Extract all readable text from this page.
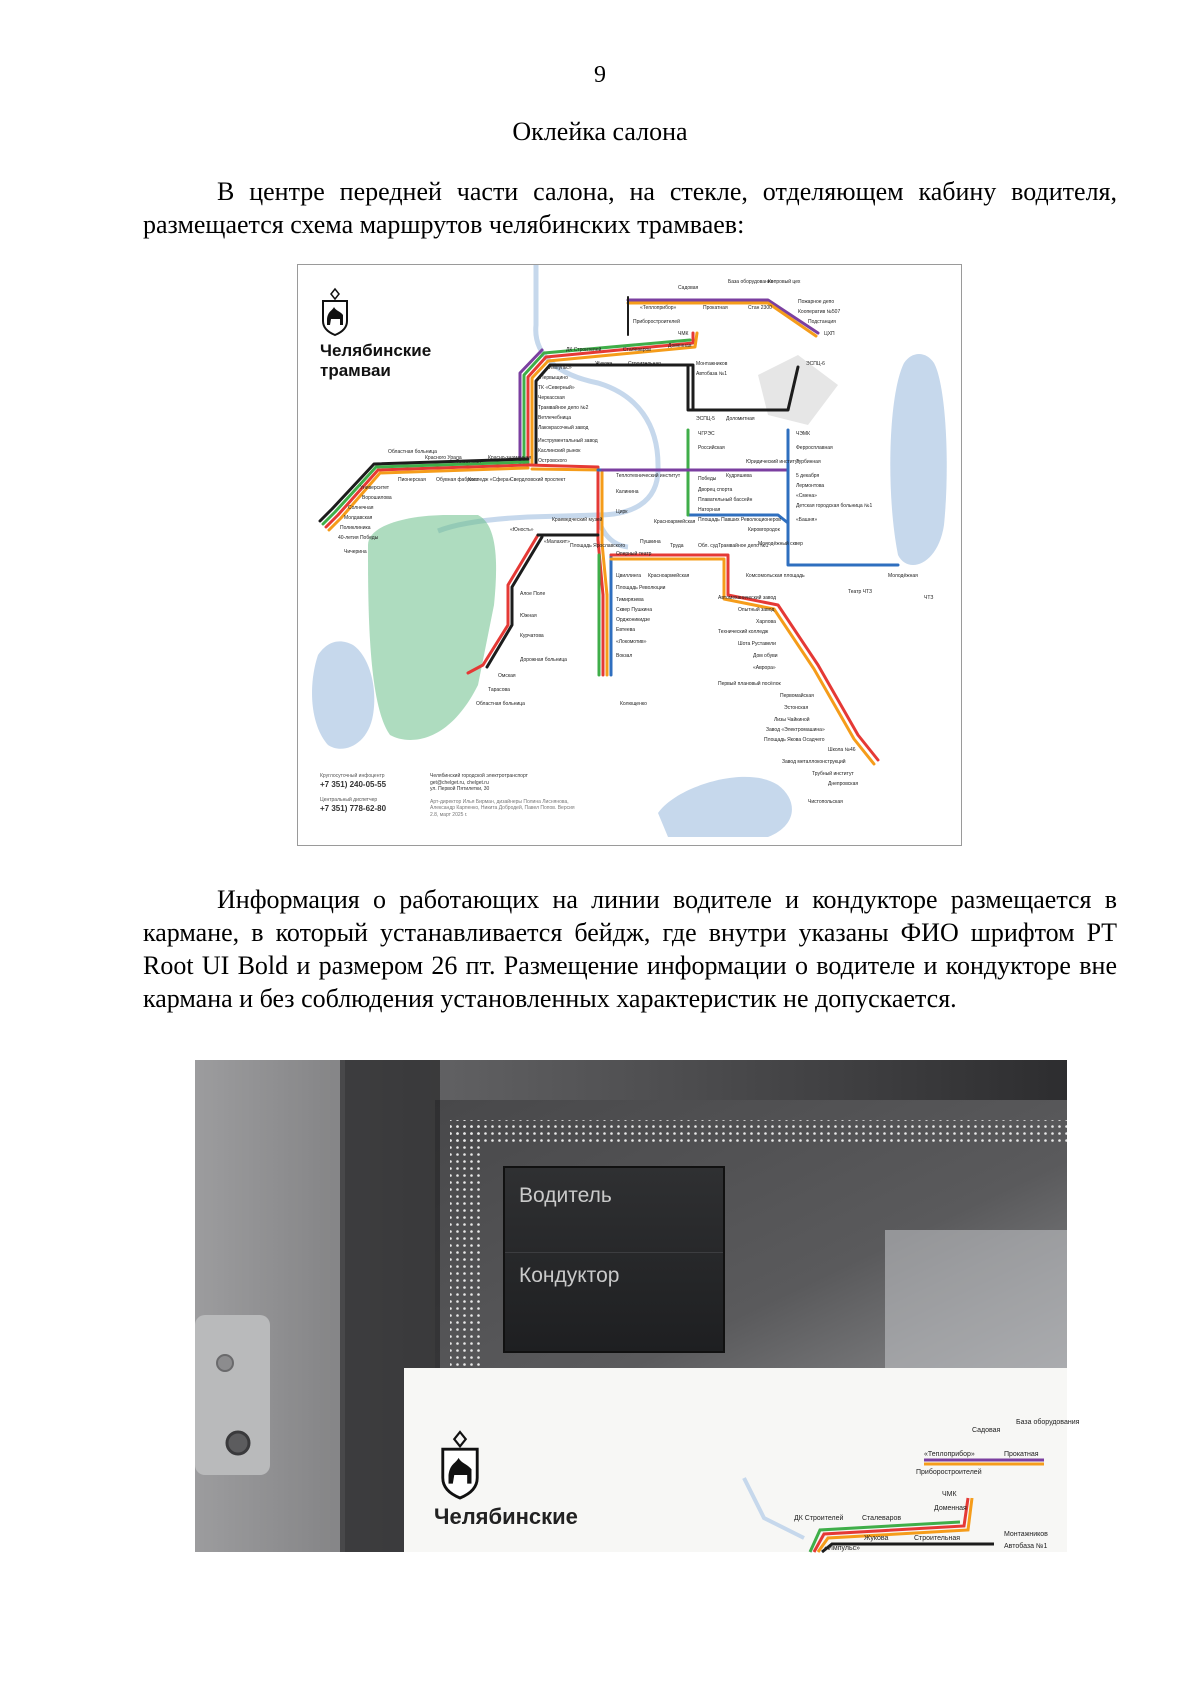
9
Оклейка салона

В центре передней части салона, на стекле, отделяющем кабину водителя, размещается схема маршрутов челябинских трамваев:

Садовая
База оборудования
Копровый цех
«Теплоприбор»	Прокатная	Стан 2300
Пожарное депо
Кооператив №507
Подстанция
ЦХП
Приборостроителей
ЧМК
Доменная
ДК Строителей	Сталеваров
«Импульс»
Жукова	Строительная	Монтажников
Автобаза №1
ЭСПЦ-6
ЭСПЦ-5 Доломитная
Первыщино
ТК «Северный»
Черкасская
Трамвайное депо №2
Ветлечебница
Лакокрасочный завод
Инструментальный завод
Каслинский рынок
Островского
Областная больница
Красного Урала
Тепличная
Красно-знаменная
ЧГРЭС
Российская
ЧЭМК
Ферросплавная
Пионерская Обувная фабрика
Колледж «Сфера»
Свердловский проспект
Теплотехнический институт	Победы Кудряшева
Юридический институт
Турбинная
Университет
Ворошилова
Солнечная
Молдавская
Поликлиника
40-летия Победы
Чичерина
Калинина
Цирк
Дворец спорта
Плавательный бассейн
Наторная
Площадь Павших Революционеров
5 декабря
Лермонтова
«Смена»
Детская городская больница №1
«Башня»
Краеведческий музей
«Юность»
Красноармейская
Кировгородок
«Малахит»
Площадь Ярославского
Оперный театр
Пушкина
Труда	Обл. суд Трамвайное депо №1
Молодёжный сквер
Алое Поле
Цвиллинга Красноармейская	Комсомольская площадь	Молодёжная
Южная
Площадь Революции
Театр ЧТЗ
ЧТЗ
Автомеханический завод
Тимирязева
Курчатова
Сквер Пушкина	Опытный завод
Орджоникидзе	Харлова
Евтеева	Технический колледж
«Локомотив»
Дорожная больница
Шота Руставели
Вокзал	Дом обуви
Омская
«Аврора»
Тарасова
Первый плановый посёлок
Областная больница	Колющенко
Первомайская
Эстонская
Лизы Чайкиной
Завод «Электромашина»
Площадь Якова Осадчего
Школа №46
Завод металлоконструкций
Трубный институт
Днепровская
Чистопольская
Челябинские
трамваи
Круглосуточный инфоцентр
+7 351) 240-05-55
Центральный диспетчер
+7 351) 778-62-80
Челябинский городской электротранспорт
get@chelget.ru, chelget.ru
ул. Первой Пятилетки, 30
Арт-директор Илья Бирман, дизайнеры Полина Лиснянова, Александр Карпенко, Никита Добродей, Павел Попов. Версия 2.8, март 2025 г.

Информация о работающих на линии водителе и кондукторе размещается в кармане, в который устанавливается бейдж, где внутри указаны ФИО шрифтом PT Root UI Bold и размером 26 пт. Размещение информации о водителе и кондукторе вне кармана и без соблюдения установленных характеристик не допускается.

Водитель
Кондуктор
Челябинские
Садовая
База оборудования
«Теплоприбор»	Прокатная
Приборостроителей
ЧМК
Доменная
ДК Строителей	Сталеваров
«Импульс»
Жукова	Строительная
Монтажников
Автобаза №1
